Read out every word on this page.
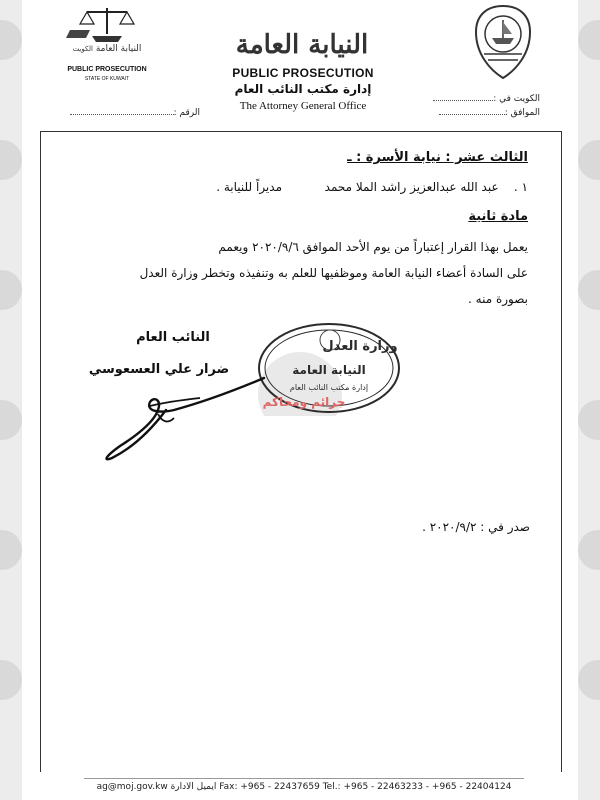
النيابة العامة
PUBLIC PROSECUTION
إدارة مكتب النائب العام
The Attorney General Office
النيابة العامة الكويت
PUBLIC PROSECUTION
STATE OF KUWAIT
الكويت في :
الموافق :
الرقم :
الثالث عشر : نيابة الأسرة : ـ
١ .    عبد الله عبدالعزيز راشد الملا محمد
مديراً للنيابة .
مادة ثانية
يعمل بهذا القرار إعتباراً من يوم الأحد الموافق ٢٠٢٠/٩/٦ ويعمم
على السادة أعضاء النيابة العامة وموظفيها للعلم به وتنفيذه وتخطر وزارة العدل
بصورة منه .
النائب العام
ضرار علي العسعوسي
وزارة العدل
النيابة العامة
إدارة مكتب النائب العام
جرائم ومحاكم
صدر في : ٢٠٢٠/٩/٢ .
ag@moj.gov.kw ايميل الادارة Fax: +965 - 22437659 Tel.: +965 - 22463233 - +965 - 22404124
